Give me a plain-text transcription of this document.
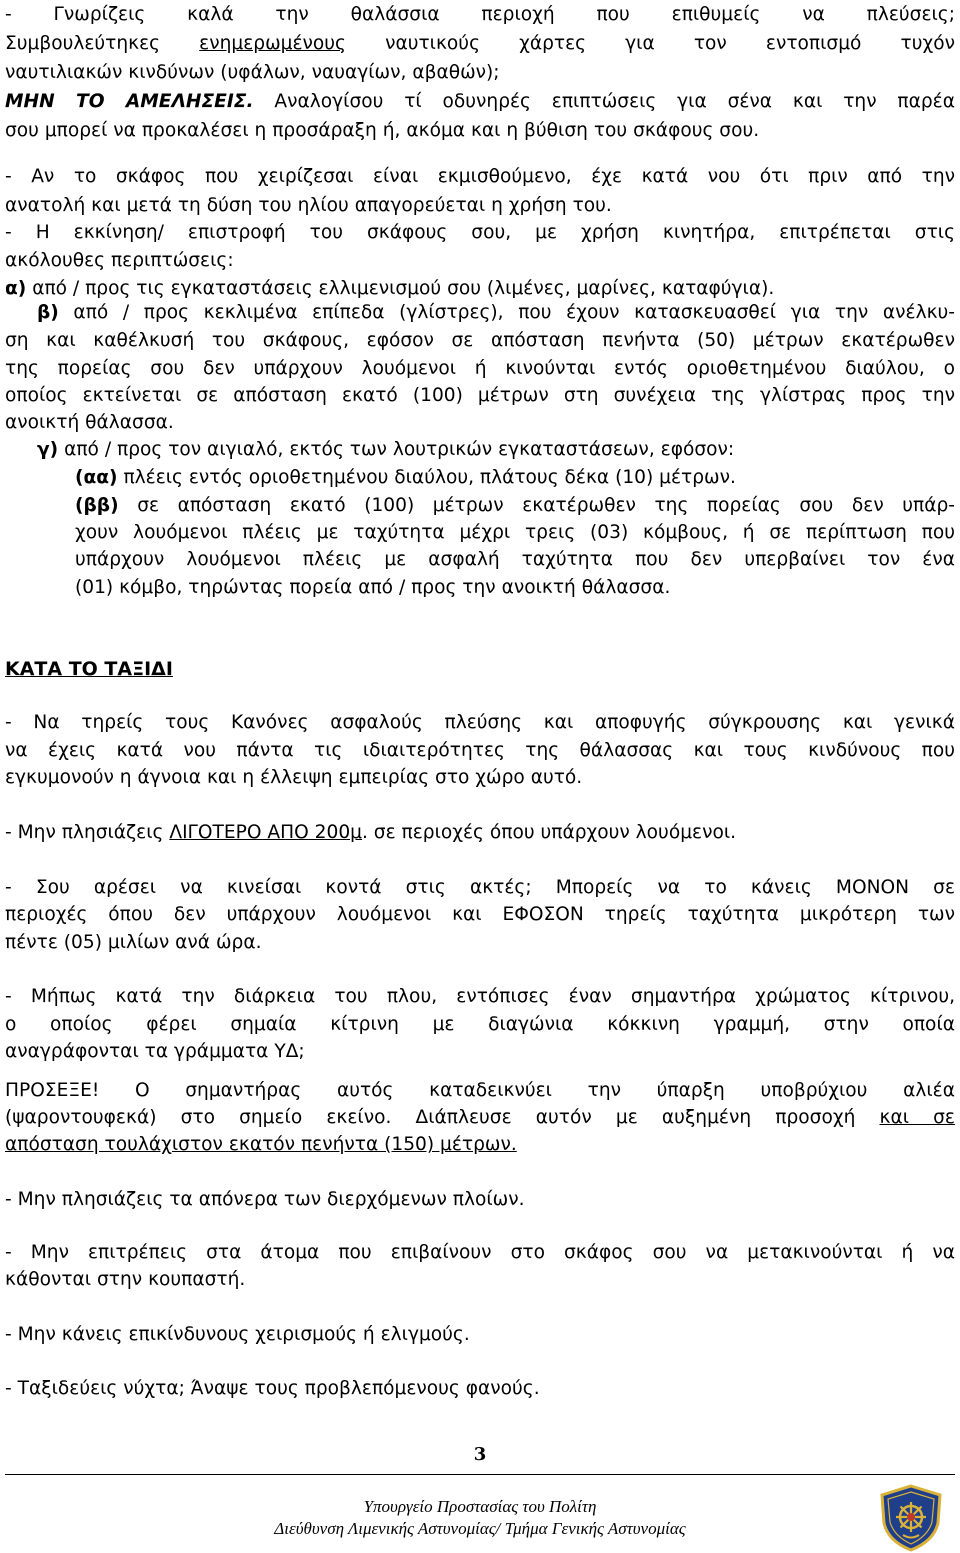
- Γνωρίζεις καλά την θαλάσσια περιοχή που επιθυμείς να πλεύσεις;
Συμβουλεύτηκες ενημερωμένους ναυτικούς χάρτες για τον εντοπισμό τυχόν
ναυτιλιακών κινδύνων (υφάλων, ναυαγίων, αβαθών);
ΜΗΝ ΤΟ ΑΜΕΛΗΣΕΙΣ. Αναλογίσου τί οδυνηρές επιπτώσεις για σένα και την παρέα
σου μπορεί να προκαλέσει η προσάραξη ή, ακόμα και η βύθιση του σκάφους σου.
- Αν το σκάφος που χειρίζεσαι είναι εκμισθούμενο, έχε κατά νου ότι πριν από την
ανατολή και μετά τη δύση του ηλίου απαγορεύεται η χρήση του.
- Η εκκίνηση/ επιστροφή του σκάφους σου, με χρήση κινητήρα, επιτρέπεται στις
ακόλουθες περιπτώσεις:
α) από / προς τις εγκαταστάσεις ελλιμενισμού σου (λιμένες, μαρίνες, καταφύγια).
β) από / προς κεκλιμένα επίπεδα (γλίστρες), που έχουν κατασκευασθεί για την ανέλκυ-
ση και καθέλκυσή του σκάφους, εφόσον σε απόσταση πενήντα (50) μέτρων εκατέρωθεν
της πορείας σου δεν υπάρχουν λουόμενοι ή κινούνται εντός οριοθετημένου διαύλου, ο
οποίος εκτείνεται σε απόσταση εκατό (100) μέτρων στη συνέχεια της γλίστρας προς την
ανοικτή θάλασσα.
γ) από / προς τον αιγιαλό, εκτός των λουτρικών εγκαταστάσεων, εφόσον:
(αα) πλέεις εντός οριοθετημένου διαύλου, πλάτους δέκα (10) μέτρων.
(ββ) σε απόσταση εκατό (100) μέτρων εκατέρωθεν της πορείας σου δεν υπάρ-
χουν λουόμενοι πλέεις με ταχύτητα μέχρι τρεις (03) κόμβους, ή σε περίπτωση που
υπάρχουν λουόμενοι πλέεις με ασφαλή ταχύτητα που δεν υπερβαίνει τον ένα
(01) κόμβο, τηρώντας πορεία από / προς την ανοικτή θάλασσα.
ΚΑΤΑ ΤΟ ΤΑΞΙΔΙ
- Να τηρείς τους Κανόνες ασφαλούς πλεύσης και αποφυγής σύγκρουσης και γενικά
να έχεις κατά νου πάντα τις ιδιαιτερότητες της θάλασσας και τους κινδύνους που
εγκυμονούν η άγνοια και η έλλειψη εμπειρίας στο χώρο αυτό.
- Μην πλησιάζεις ΛΙΓΟΤΕΡΟ ΑΠΟ 200μ. σε περιοχές όπου υπάρχουν λουόμενοι.
- Σου αρέσει να κινείσαι κοντά στις ακτές; Μπορείς να το κάνεις ΜΟΝΟΝ σε
περιοχές όπου δεν υπάρχουν λουόμενοι και ΕΦΟΣΟΝ τηρείς ταχύτητα μικρότερη των
πέντε (05) μιλίων ανά ώρα.
- Μήπως κατά την διάρκεια του πλου, εντόπισες έναν σημαντήρα χρώματος κίτρινου,
ο οποίος φέρει σημαία κίτρινη με διαγώνια κόκκινη γραμμή, στην οποία
αναγράφονται τα γράμματα ΥΔ;
ΠΡΟΣΕΞΕ! Ο σημαντήρας αυτός καταδεικνύει την ύπαρξη υποβρύχιου αλιέα
(ψαροντουφεκά) στο σημείο εκείνο. Διάπλευσε αυτόν με αυξημένη προσοχή και σε
απόσταση τουλάχιστον εκατόν πενήντα (150) μέτρων.
- Μην πλησιάζεις τα απόνερα των διερχόμενων πλοίων.
- Μην επιτρέπεις στα άτομα που επιβαίνουν στο σκάφος σου να μετακινούνται ή να
κάθονται στην κουπαστή.
- Μην κάνεις επικίνδυνους χειρισμούς ή ελιγμούς.
- Ταξιδεύεις νύχτα; Άναψε τους προβλεπόμενους φανούς.
3
Υπουργείο Προστασίας του Πολίτη
Διεύθυνση Λιμενικής Αστυνομίας/ Τμήμα Γενικής Αστυνομίας
